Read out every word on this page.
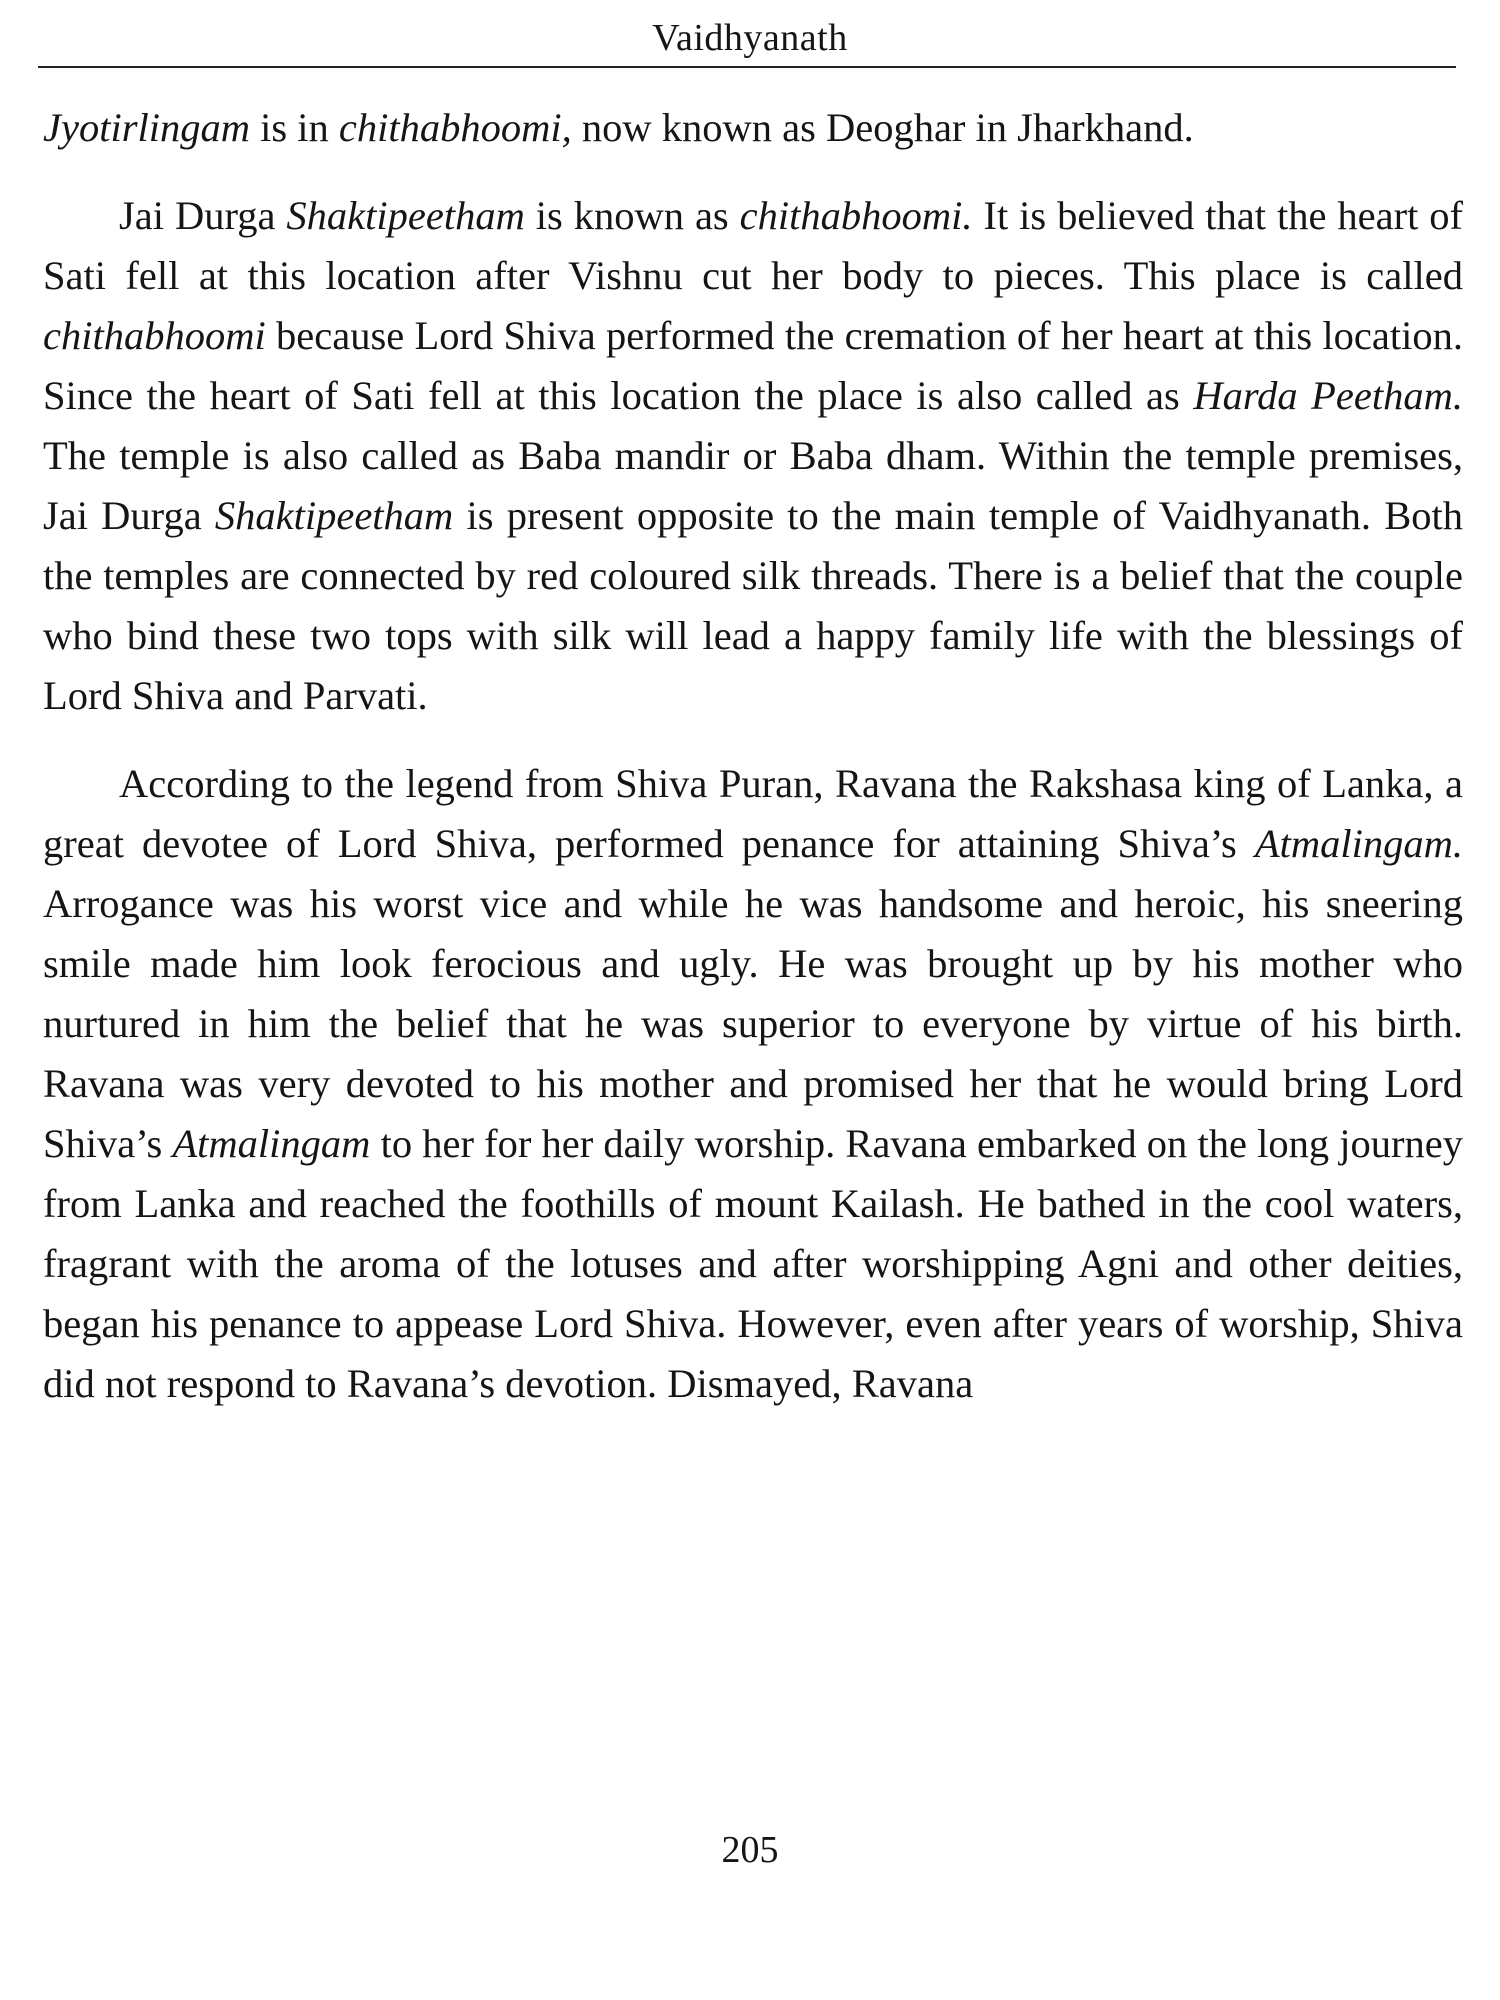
Vaidhyanath

Jyotirlingam is in chithabhoomi, now known as Deoghar in Jharkhand.

Jai Durga Shaktipeetham is known as chithabhoomi. It is believed that the heart of Sati fell at this location after Vishnu cut her body to pieces. This place is called chithabhoomi because Lord Shiva performed the cremation of her heart at this location. Since the heart of Sati fell at this location the place is also called as Harda Peetham. The temple is also called as Baba mandir or Baba dham. Within the temple premises, Jai Durga Shaktipeetham is present opposite to the main temple of Vaidhyanath. Both the temples are connected by red coloured silk threads. There is a belief that the couple who bind these two tops with silk will lead a happy family life with the blessings of Lord Shiva and Parvati.

According to the legend from Shiva Puran, Ravana the Rakshasa king of Lanka, a great devotee of Lord Shiva, performed penance for attaining Shiva’s Atmalingam. Arrogance was his worst vice and while he was handsome and heroic, his sneering smile made him look ferocious and ugly. He was brought up by his mother who nurtured in him the belief that he was superior to everyone by virtue of his birth. Ravana was very devoted to his mother and promised her that he would bring Lord Shiva’s Atmalingam to her for her daily worship. Ravana embarked on the long journey from Lanka and reached the foothills of mount Kailash. He bathed in the cool waters, fragrant with the aroma of the lotuses and after worshipping Agni and other deities, began his penance to appease Lord Shiva. However, even after years of worship, Shiva did not respond to Ravana’s devotion. Dismayed, Ravana

205
